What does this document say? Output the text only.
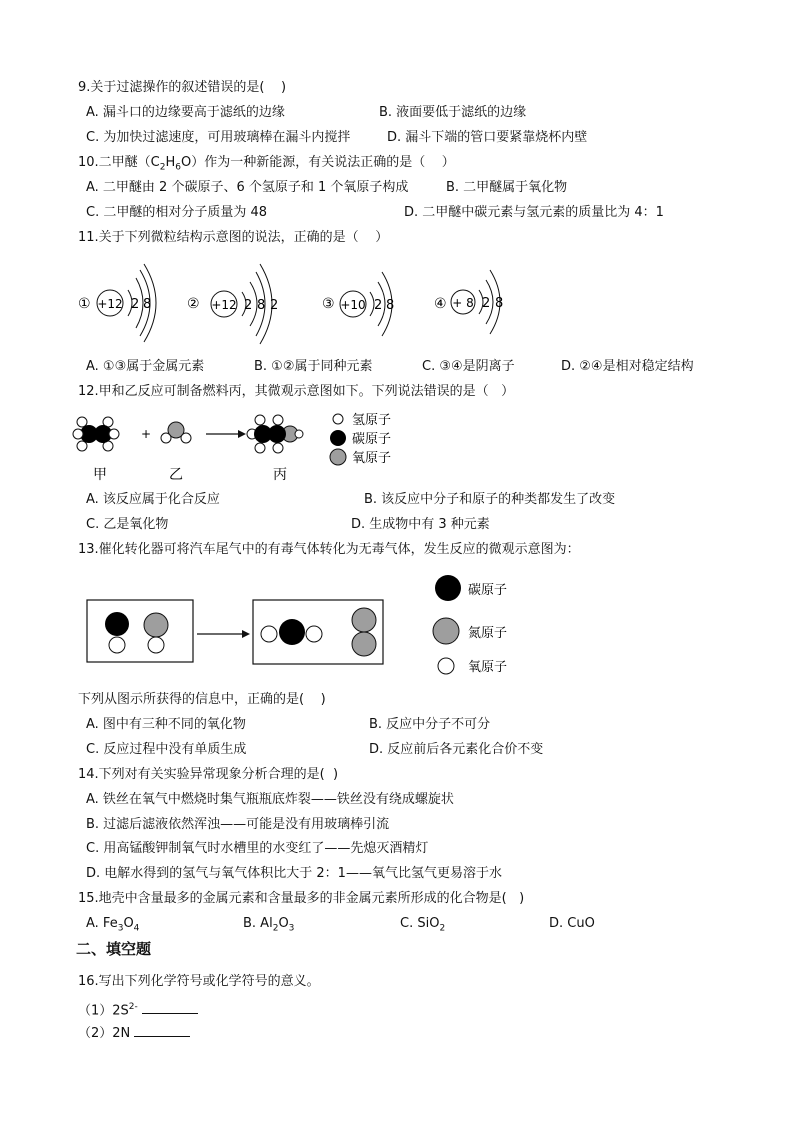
9.关于过滤操作的叙述错误的是(    )
A. 漏斗口的边缘要高于滤纸的边缘	B. 液面要低于滤纸的边缘
C. 为加快过滤速度，可用玻璃棒在漏斗内搅拌	D. 漏斗下端的管口要紧靠烧杯内壁
10.二甲醚$(C_2H_6O)$作为一种新能源，有关说法正确的是（    ）
A. 二甲醚由 2 个碳原子、6 个氢原子和 1 个氧原子构成	B. 二甲醚属于氧化物
C. 二甲醚的相对分子质量为 48	D. 二甲醚中碳元素与氢元素的质量比为 4：1
11.关于下列微粒结构示意图的说法，正确的是（    ）
① +12 2 8	② +12 2 8 2	③ +10 2 8	④ + 8 2 8
A. ①③属于金属元素	B. ①②属于同种元素	C. ③④是阴离子	D. ②④是相对稳定结构
12.甲和乙反应可制备燃料丙，其微观示意图如下。下列说法错误的是（   ）
+
甲	乙	丙
氢原子
碳原子
氧原子
A. 该反应属于化合反应	B. 该反应中分子和原子的种类都发生了改变
C. 乙是氧化物	D. 生成物中有 3 种元素
13.催化转化器可将汽车尾气中的有毒气体转化为无毒气体，发生反应的微观示意图为：
碳原子
氮原子
氧原子
下列从图示所获得的信息中，正确的是(    )
A. 图中有三种不同的氧化物	B. 反应中分子不可分
C. 反应过程中没有单质生成	D. 反应前后各元素化合价不变
14.下列对有关实验异常现象分析合理的是(  )
A. 铁丝在氧气中燃烧时集气瓶瓶底炸裂——铁丝没有绕成螺旋状
B. 过滤后滤液依然浑浊——可能是没有用玻璃棒引流
C. 用高锰酸钾制氧气时水槽里的水变红了——先熄灭酒精灯
D. 电解水得到的氢气与氧气体积比大于 2：1——氧气比氢气更易溶于水
15.地壳中含量最多的金属元素和含量最多的非金属元素所形成的化合物是(   )
A. $Fe_3O_4$	B. $Al_2O_3$	C. SiO$_2$	D. CuO
二、填空题
16.写出下列化学符号或化学符号的意义。
$(1)2S^{2-}$
（2）2N
